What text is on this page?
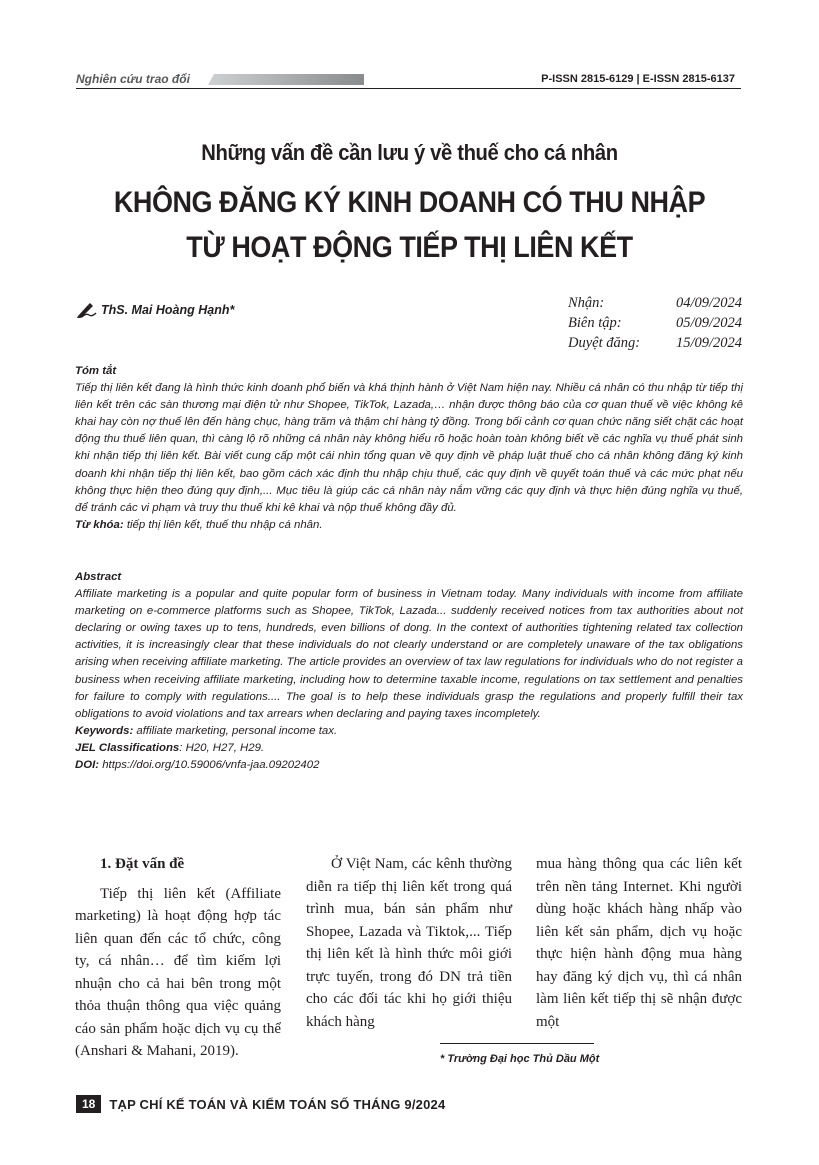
Nghiên cứu trao đổi	P-ISSN 2815-6129 | E-ISSN 2815-6137
Những vấn đề cần lưu ý về thuế cho cá nhân
KHÔNG ĐĂNG KÝ KINH DOANH CÓ THU NHẬP
TỪ HOẠT ĐỘNG TIẾP THỊ LIÊN KẾT
ThS. Mai Hoàng Hạnh*	Nhận:	04/09/2024
Biên tập:	05/09/2024
Duyệt đăng: 15/09/2024
Tóm tắt
Tiếp thị liên kết đang là hình thức kinh doanh phổ biến và khá thịnh hành ở Việt Nam hiện nay. Nhiều cá nhân có thu nhập từ tiếp thị liên kết trên các sàn thương mại điện tử như Shopee, TikTok, Lazada,… nhận được thông báo của cơ quan thuế về việc không kê khai hay còn nợ thuế lên đến hàng chục, hàng trăm và thậm chí hàng tỷ đồng. Trong bối cảnh cơ quan chức năng siết chặt các hoạt động thu thuế liên quan, thì càng lộ rõ những cá nhân này không hiểu rõ hoặc hoàn toàn không biết về các nghĩa vụ thuế phát sinh khi nhận tiếp thị liên kết. Bài viết cung cấp một cái nhìn tổng quan về quy định về pháp luật thuế cho cá nhân không đăng ký kinh doanh khi nhận tiếp thị liên kết, bao gồm cách xác định thu nhập chịu thuế, các quy định về quyết toán thuế và các mức phạt nếu không thực hiện theo đúng quy định,... Mục tiêu là giúp các cá nhân này nắm vững các quy định và thực hiện đúng nghĩa vụ thuế, để tránh các vi phạm và truy thu thuế khi kê khai và nộp thuế không đầy đủ.
Từ khóa: tiếp thị liên kết, thuế thu nhập cá nhân.
Abstract
Affiliate marketing is a popular and quite popular form of business in Vietnam today. Many individuals with income from affiliate marketing on e-commerce platforms such as Shopee, TikTok, Lazada... suddenly received notices from tax authorities about not declaring or owing taxes up to tens, hundreds, even billions of dong. In the context of authorities tightening related tax collection activities, it is increasingly clear that these individuals do not clearly understand or are completely unaware of the tax obligations arising when receiving affiliate marketing. The article provides an overview of tax law regulations for individuals who do not register a business when receiving affiliate marketing, including how to determine taxable income, regulations on tax settlement and penalties for failure to comply with regulations.... The goal is to help these individuals grasp the regulations and properly fulfill their tax obligations to avoid violations and tax arrears when declaring and paying taxes incompletely.
Keywords: affiliate marketing, personal income tax.
JEL Classifications: H20, H27, H29.
DOI: https://doi.org/10.59006/vnfa-jaa.09202402

1. Đặt vấn đề

Tiếp thị liên kết (Affiliate marketing) là hoạt động hợp tác liên quan đến các tổ chức, công ty, cá nhân… để tìm kiếm lợi nhuận cho cả hai bên trong một thỏa thuận thông qua việc quảng cáo sản phẩm hoặc dịch vụ cụ thể (Anshari & Mahani, 2019).

Ở Việt Nam, các kênh thường diễn ra tiếp thị liên kết trong quá trình mua, bán sản phẩm như Shopee, Lazada và Tiktok,... Tiếp thị liên kết là hình thức môi giới trực tuyến, trong đó DN trả tiền cho các đối tác khi họ giới thiệu khách hàng

mua hàng thông qua các liên kết trên nền tảng Internet. Khi người dùng hoặc khách hàng nhấp vào liên kết sản phẩm, dịch vụ hoặc thực hiện hành động mua hàng hay đăng ký dịch vụ, thì cá nhân làm liên kết tiếp thị sẽ nhận được một

* Trường Đại học Thủ Dầu Một
18	TẠP CHÍ KẾ TOÁN VÀ KIỂM TOÁN SỐ THÁNG 9/2024
